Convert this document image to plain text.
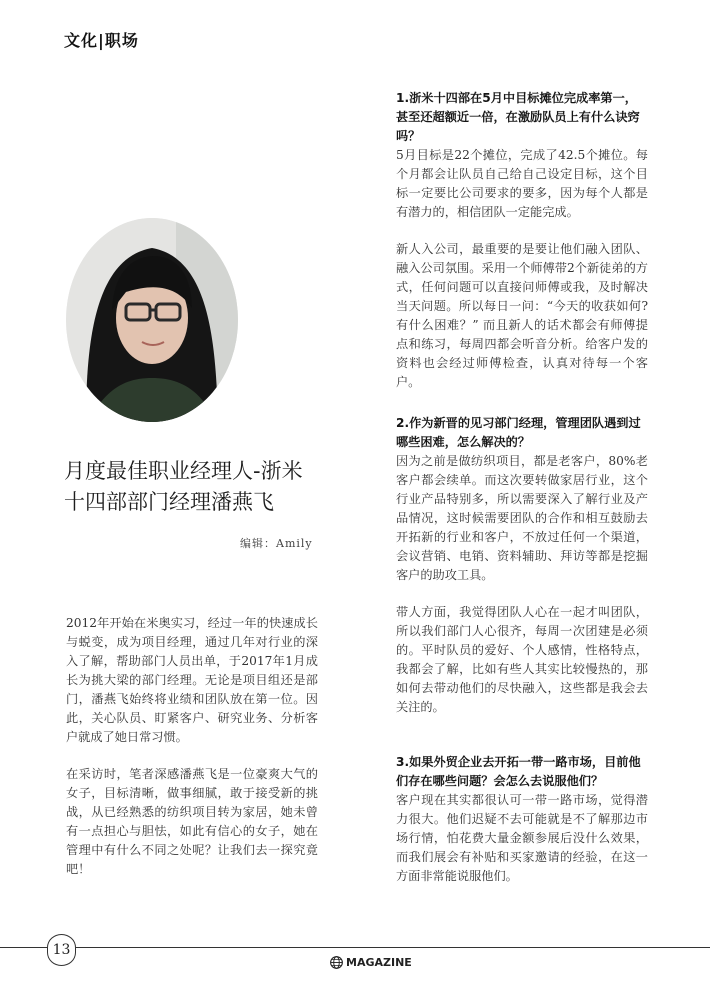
文化|职场
月度最佳职业经理人-浙米
十四部部门经理潘燕飞
编辑：Amily

2012年开始在米奥实习，经过一年的快速成长与蜕变，成为项目经理，通过几年对行业的深入了解，帮助部门人员出单，于2017年1月成长为挑大梁的部门经理。无论是项目组还是部门，潘燕飞始终将业绩和团队放在第一位。因此，关心队员、盯紧客户、研究业务、分析客户就成了她日常习惯。

在采访时，笔者深感潘燕飞是一位豪爽大气的女子，目标清晰，做事细腻，敢于接受新的挑战，从已经熟悉的纺织项目转为家居，她未曾有一点担心与胆怯，如此有信心的女子，她在管理中有什么不同之处呢？让我们去一探究竟吧！

1.浙米十四部在5月中目标摊位完成率第一，甚至还超额近一倍，在激励队员上有什么诀窍吗？

5月目标是22个摊位，完成了42.5个摊位。每个月都会让队员自己给自己设定目标，这个目标一定要比公司要求的要多，因为每个人都是有潜力的，相信团队一定能完成。

新人入公司，最重要的是要让他们融入团队、融入公司氛围。采用一个师傅带2个新徒弟的方式，任何问题可以直接问师傅或我，及时解决当天问题。所以每日一问：“今天的收获如何?有什么困难？” 而且新人的话术都会有师傅提点和练习，每周四都会听音分析。给客户发的资料也会经过师傅检查，认真对待每一个客户。

2.作为新晋的见习部门经理，管理团队遇到过哪些困难，怎么解决的？

因为之前是做纺织项目，都是老客户，80%老客户都会续单。而这次要转做家居行业，这个行业产品特别多，所以需要深入了解行业及产品情况，这时候需要团队的合作和相互鼓励去开拓新的行业和客户，不放过任何一个渠道，会议营销、电销、资料辅助、拜访等都是挖掘客户的助攻工具。

带人方面，我觉得团队人心在一起才叫团队，所以我们部门人心很齐，每周一次团建是必须的。平时队员的爱好、个人感情，性格特点，我都会了解，比如有些人其实比较慢热的，那如何去带动他们的尽快融入，这些都是我会去关注的。

3.如果外贸企业去开拓一带一路市场，目前他们存在哪些问题？会怎么去说服他们？

客户现在其实都很认可一带一路市场，觉得潜力很大。他们迟疑不去可能就是不了解那边市场行情，怕花费大量金额参展后没什么效果，而我们展会有补贴和买家邀请的经验，在这一方面非常能说服他们。

13
MAGAZINE
